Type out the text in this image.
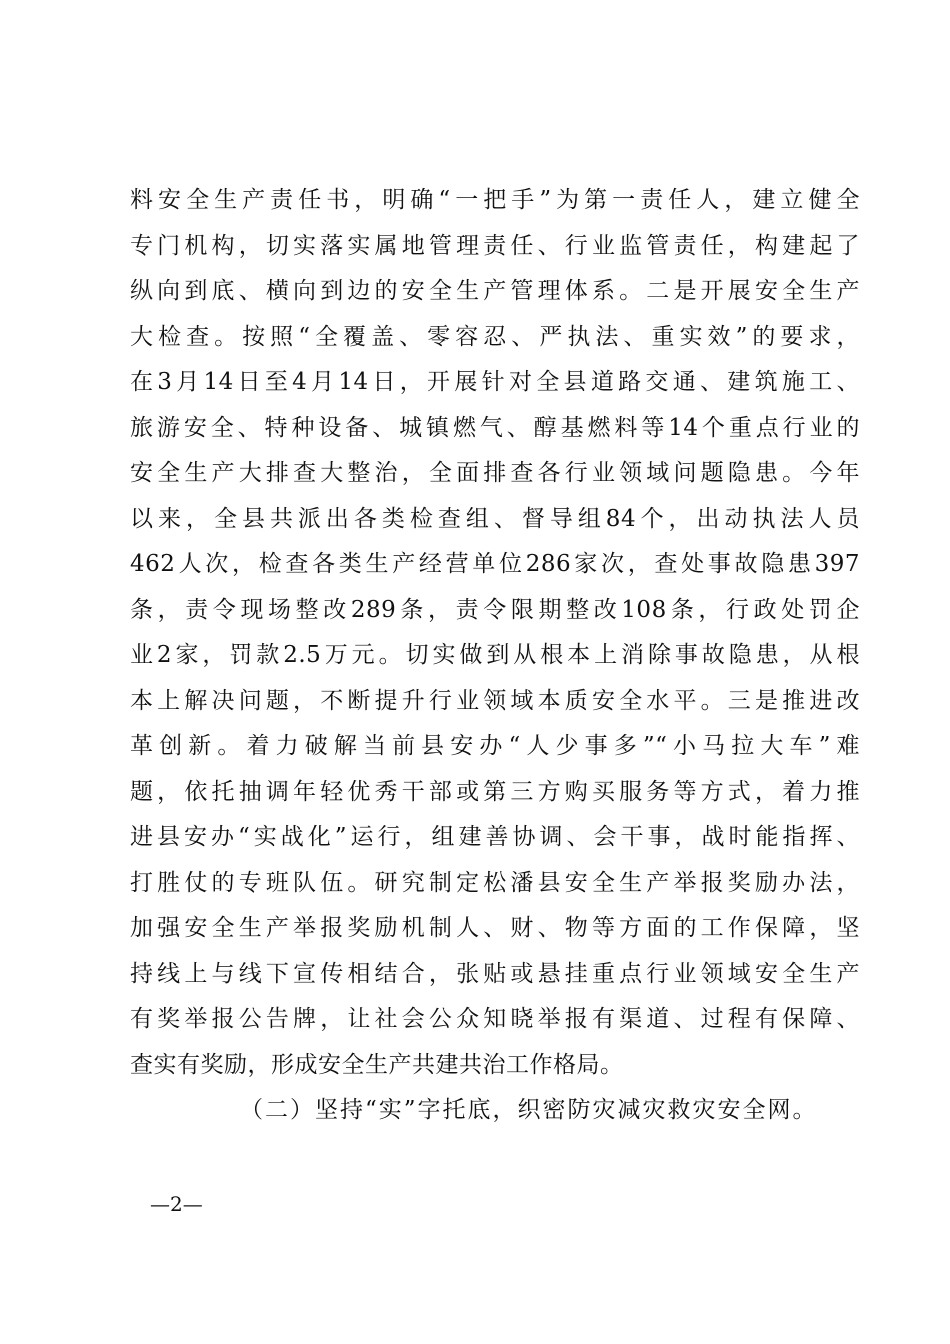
料安全生产责任书，明确“一把手”为第一责任人，建立健全
专门机构，切实落实属地管理责任、行业监管责任，构建起了
纵向到底、横向到边的安全生产管理体系。二是开展安全生产
大检查。按照“全覆盖、零容忍、严执法、重实效”的要求，
在3月14日至4月14日，开展针对全县道路交通、建筑施工、
旅游安全、特种设备、城镇燃气、醇基燃料等14个重点行业的
安全生产大排查大整治，全面排查各行业领域问题隐患。今年
以来，全县共派出各类检查组、督导组84个，出动执法人员
462人次，检查各类生产经营单位286家次，查处事故隐患397
条，责令现场整改289条，责令限期整改108条，行政处罚企
业2家，罚款2.5万元。切实做到从根本上消除事故隐患，从根
本上解决问题，不断提升行业领域本质安全水平。三是推进改
革创新。着力破解当前县安办“人少事多”“小马拉大车”难
题，依托抽调年轻优秀干部或第三方购买服务等方式，着力推
进县安办“实战化”运行，组建善协调、会干事，战时能指挥、
打胜仗的专班队伍。研究制定松潘县安全生产举报奖励办法，
加强安全生产举报奖励机制人、财、物等方面的工作保障，坚
持线上与线下宣传相结合，张贴或悬挂重点行业领域安全生产
有奖举报公告牌，让社会公众知晓举报有渠道、过程有保障、
查实有奖励，形成安全生产共建共治工作格局。
（二）坚持“实”字托底，织密防灾减灾救灾安全网。
—2—
